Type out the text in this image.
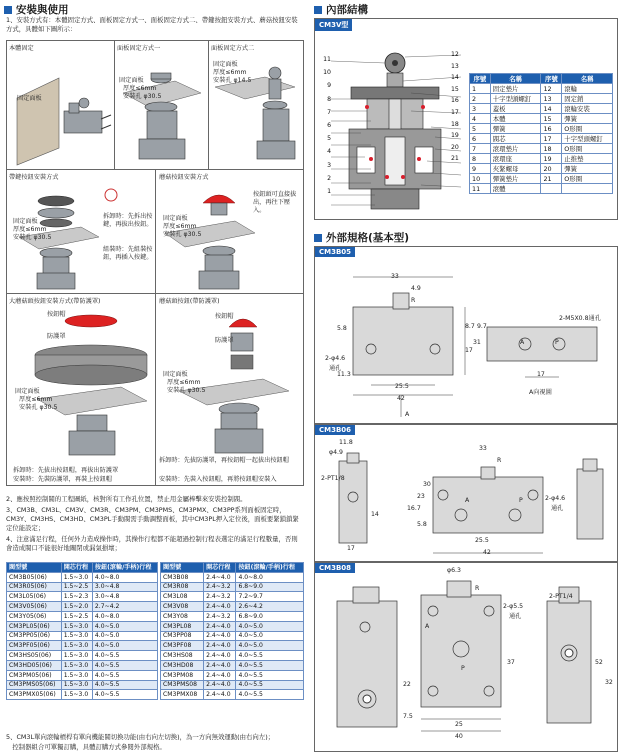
安裝與使用
1、安裝方式有：本體固定方式、面板固定方式一、面板固定方式二、帶鍵按鈕安裝方式、蘑菇按鈕安裝方式，具體如下圖所示：
本體固定	面板固定方式一	面板固定方式二
固定面板
固定面板
厚度≤6mm
安裝孔 φ30.5
固定面板
厚度≤6mm
安裝孔 φ14.5
帶鍵按鈕安裝方式
固定面板
厚度≤6mm
安裝孔 φ30.5
拆卸時：先拆出按鍵，再拔出按鈕。
組裝時：先組裝按鈕，再插入按鍵。
蘑菇按鈕安裝方式
固定面板
厚度≤6mm
安裝孔 φ30.5
按鈕頭可直接拔出，再往下壓入。
大蘑菇頭按鈕安裝方式(帶防護罩)
按鈕帽
防護罩
固定面板
厚度≤6mm
安裝孔 φ30.5
拆卸時：先拔出按鈕帽，再拔出防護罩
安裝時：先裝防護罩，再裝上按鈕帽
蘑菇頭按鈕(帶防護罩)
按鈕帽
防護罩
固定面板
厚度≤6mm
安裝孔 φ30.5
拆卸時：先拔防護罩，再按鈕帽一起拔出按鈕帽
安裝時：先裝入按鈕帽，再將按鈕帽安裝入
2、應按照控制閥的工程圖紙，核對所有工作孔位置，禁止用金屬棒擊來安裝控制閥。
3、CM3B、CM3L、CM3V、CM3R、CM3PM、CM3PMS、CM3PMX、CM3PP系列面板固定時，CM3Y、CM3HS、CM3HD、CM3PL手動閥需手動調整面板，其中CM3PL押入定位後，面板要緊鎖鎖緊定位能設定；
4、注意滿足行程，任何外力造成操作時，其操作行程都不能超過控制行程表選定的滿足行程數量，否則會造成閥口不能很好地關閉或漏氣損壞；
閥型號	開芯行程	按鈕(滾輪/手柄)行程
CM3B05(06)	1.5~3.0	4.0~8.0
CM3R05(06)	1.5~2.5	3.0~4.8
CM3L05(06)	1.5~2.3	3.0~4.8
CM3V05(06)	1.5~2.0	2.7~4.2
CM3Y05(06)	1.5~2.5	4.0~8.0
CM3PL05(06)	1.5~3.0	4.0~5.0
CM3PP05(06)	1.5~3.0	4.0~5.0
CM3PF05(06)	1.5~3.0	4.0~5.0
CM3HS05(06)	1.5~3.0	4.0~5.5
CM3HD05(06)	1.5~3.0	4.0~5.5
CM3PM05(06)	1.5~3.0	4.0~5.5
CM3PMS05(06)	1.5~3.0	4.0~5.5
CM3PMX05(06)	1.5~3.0	4.0~5.5
閥型號	開芯行程	按鈕(滾輪/手柄)行程
CM3B08	2.4~4.0	4.0~8.0
CM3R08	2.4~3.2	6.8~9.0
CM3L08	2.4~3.2	7.2~9.7
CM3V08	2.4~4.0	2.6~4.2
CM3Y08	2.4~3.2	6.8~9.0
CM3PL08	2.4~4.0	4.0~5.0
CM3PP08	2.4~4.0	4.0~5.0
CM3PF08	2.4~4.0	4.0~5.0
CM3HS08	2.4~4.0	4.0~5.5
CM3HD08	2.4~4.0	4.0~5.5
CM3PM08	2.4~4.0	4.0~5.5
CM3PMS08	2.4~4.0	4.0~5.5
CM3PMX08	2.4~4.0	4.0~5.5
5、CM3L單向滾輪槓桿有單向機能閥切換功能(由右向左切換)，為一方向無效運動(由右向左)；
　控制器組合可單獨訂購，具體訂購方式參閱外部規格。
內部結構
CM3V型
11
10
9
8
7
6
5
4
3
2
1
12
13
14
15
16
17
18
19
20
21
序號	名稱	序號	名稱
1	固定墊片	12	滾輪
2	十字型頭螺釘	13	固定銷
3	蓋板	14	滾輪安裝
4	本體	15	彈簧
5	彈簧	16	O形圈
6	閥芯	17	十字型頭螺釘
7	滾環墊片	18	O形圈
8	滾環座	19	止推墊
9	夾緊螺母	20	彈簧
10	彈簧墊片	21	O形圈
11	滾體		
外部規格(基本型)
CM3B05
33
4.9
R
2-M5X0.8通孔
2-φ4.6
通孔
5.8
11.3
17
31
8.7 9.7
25.5
42
17
A	P
A向視圖
A
CM3B06
11.8
φ4.9
33
R
2-PT1/8
A	P	2-φ4.6
通孔
14
5.8
23
30
16.7
17
25.5
42
CM3B08	φ6.3
R
2-PT1/4
2-φ5.5
通孔
A
P
52
37
22
7.5
25
40
32
